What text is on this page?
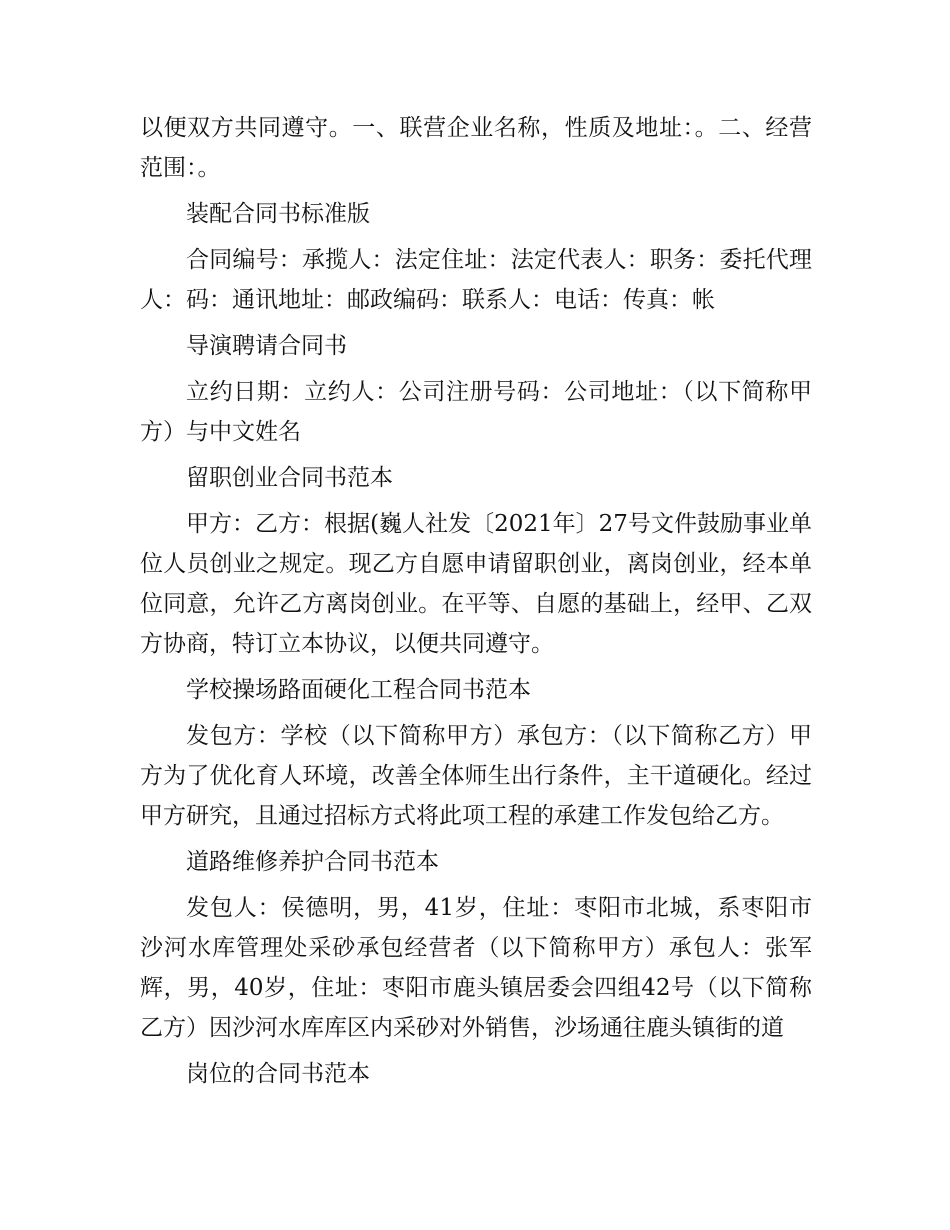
以便双方共同遵守。一、联营企业名称，性质及地址：。二、经营范围：。

装配合同书标准版

合同编号：承揽人：法定住址：法定代表人：职务：委托代理人：码：通讯地址：邮政编码：联系人：电话：传真：帐

导演聘请合同书

立约日期：立约人：公司注册号码：公司地址：（以下简称甲方）与中文姓名

留职创业合同书范本

甲方：乙方：根据(巍人社发〔2021年〕27号文件鼓励事业单位人员创业之规定。现乙方自愿申请留职创业，离岗创业，经本单位同意，允许乙方离岗创业。在平等、自愿的基础上，经甲、乙双方协商，特订立本协议，以便共同遵守。

学校操场路面硬化工程合同书范本

发包方：学校（以下简称甲方）承包方：（以下简称乙方）甲方为了优化育人环境，改善全体师生出行条件，主干道硬化。经过甲方研究，且通过招标方式将此项工程的承建工作发包给乙方。

道路维修养护合同书范本

发包人：侯德明，男，41岁，住址：枣阳市北城，系枣阳市沙河水库管理处采砂承包经营者（以下简称甲方）承包人：张军辉，男，40岁，住址：枣阳市鹿头镇居委会四组42号（以下简称乙方）因沙河水库库区内采砂对外销售，沙场通往鹿头镇街的道

岗位的合同书范本
